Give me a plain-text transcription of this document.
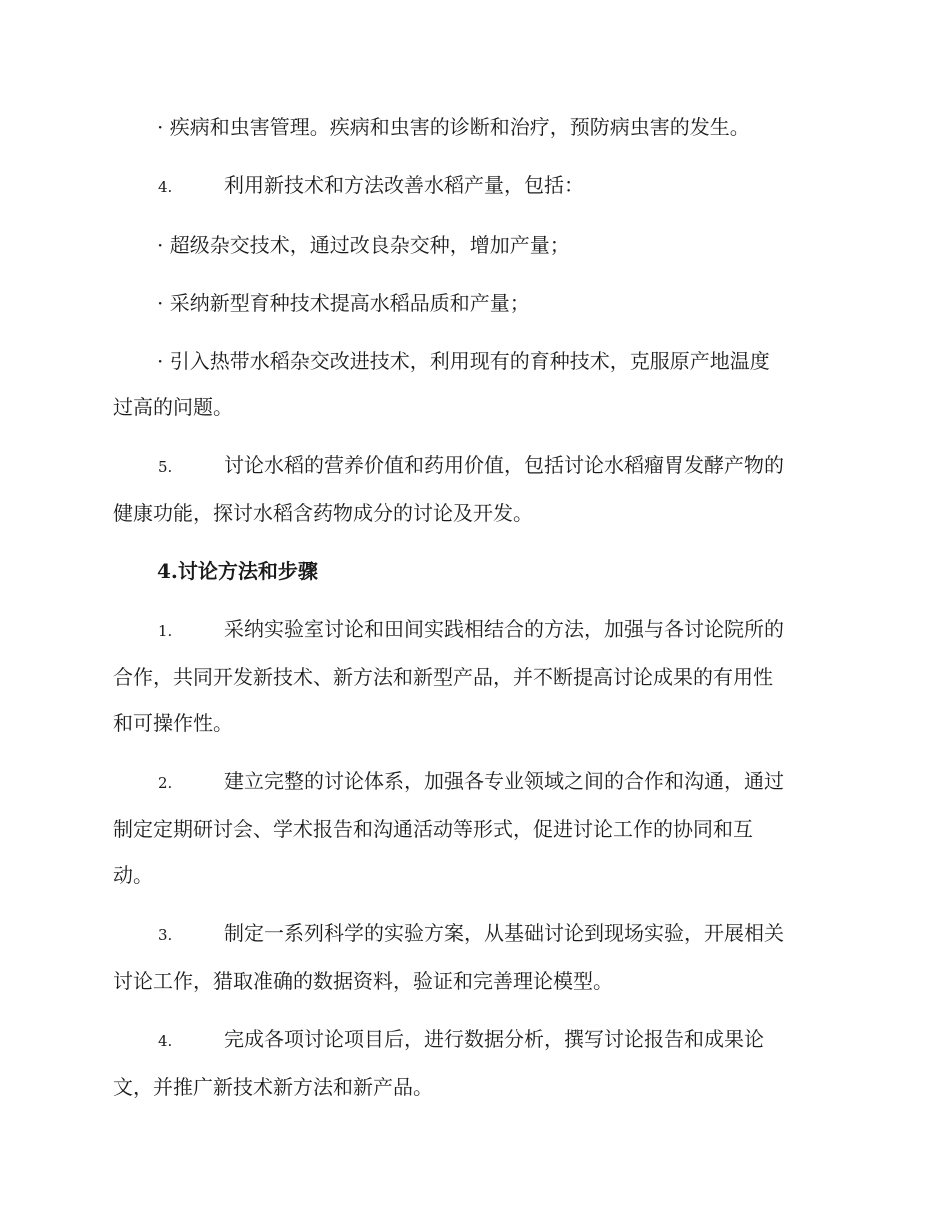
· 疾病和虫害管理。疾病和虫害的诊断和治疗，预防病虫害的发生。

4.	利用新技术和方法改善水稻产量，包括：

· 超级杂交技术，通过改良杂交种，增加产量；

· 采纳新型育种技术提高水稻品质和产量；

· 引入热带水稻杂交改进技术，利用现有的育种技术，克服原产地温度

过高的问题。

5.	讨论水稻的营养价值和药用价值，包括讨论水稻瘤胃发酵产物的

健康功能，探讨水稻含药物成分的讨论及开发。

4.讨论方法和步骤

1.	采纳实验室讨论和田间实践相结合的方法，加强与各讨论院所的

合作，共同开发新技术、新方法和新型产品，并不断提高讨论成果的有用性

和可操作性。

2.	建立完整的讨论体系，加强各专业领域之间的合作和沟通，通过

制定定期研讨会、学术报告和沟通活动等形式，促进讨论工作的协同和互

动。

3.	制定一系列科学的实验方案，从基础讨论到现场实验，开展相关

讨论工作，猎取准确的数据资料，验证和完善理论模型。

4.	完成各项讨论项目后，进行数据分析，撰写讨论报告和成果论

文，并推广新技术新方法和新产品。
